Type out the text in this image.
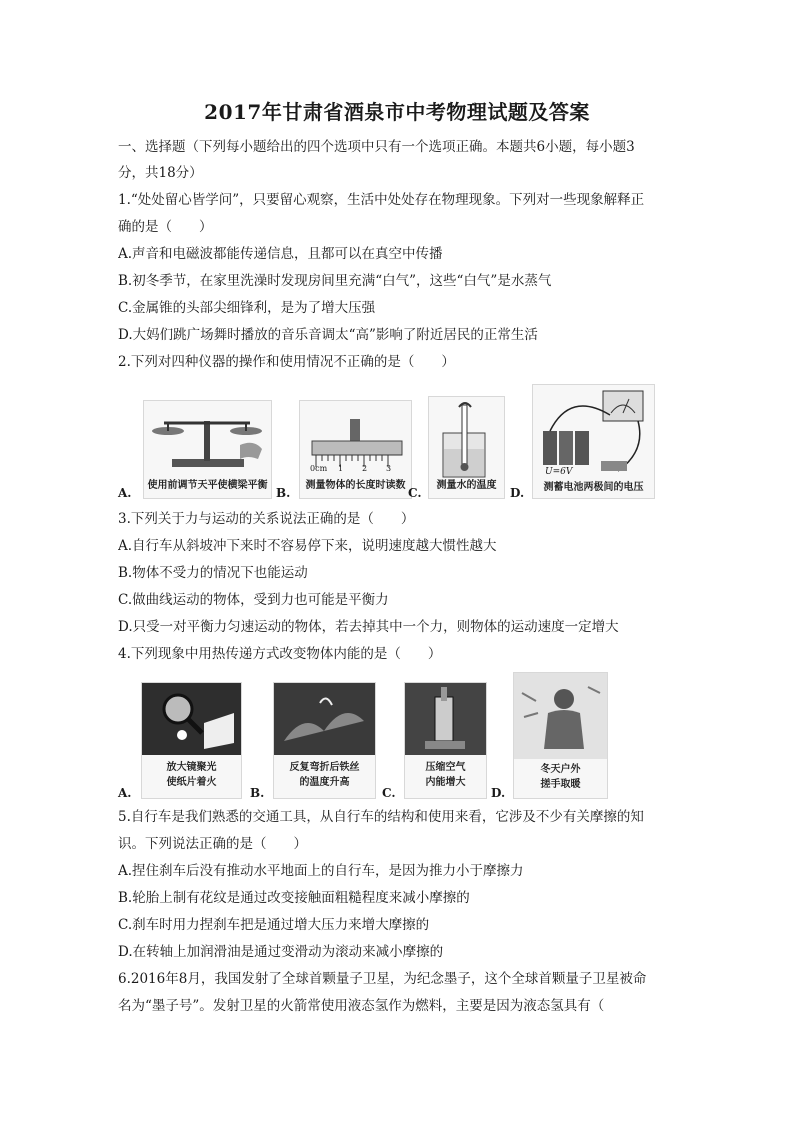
2017年甘肃省酒泉市中考物理试题及答案
一、选择题（下列每小题给出的四个选项中只有一个选项正确。本题共6小题，每小题3
分，共18分）
1.“处处留心皆学问”，只要留心观察，生活中处处存在物理现象。下列对一些现象解释正
确的是（　　）
A.声音和电磁波都能传递信息，且都可以在真空中传播
B.初冬季节，在家里洗澡时发现房间里充满“白气”，这些“白气”是水蒸气
C.金属锥的头部尖细锋利，是为了增大压强
D.大妈们跳广场舞时播放的音乐音调太“高”影响了附近居民的正常生活
2.下列对四种仪器的操作和使用情况不正确的是（　　）
A.
使用前调节天平使横梁平衡
B.
0cm 1 2 3
测量物体的长度时读数
C.
测量水的温度
D.
U=6V
测蓄电池两极间的电压
3.下列关于力与运动的关系说法正确的是（　　）
A.自行车从斜坡冲下来时不容易停下来，说明速度越大惯性越大
B.物体不受力的情况下也能运动
C.做曲线运动的物体，受到力也可能是平衡力
D.只受一对平衡力匀速运动的物体，若去掉其中一个力，则物体的运动速度一定增大
4.下列现象中用热传递方式改变物体内能的是（　　）
A.
放大镜聚光
使纸片着火
B.
反复弯折后铁丝
的温度升高
C.
压缩空气
内能增大
D.
冬天户外
搓手取暖
5.自行车是我们熟悉的交通工具，从自行车的结构和使用来看，它涉及不少有关摩擦的知
识。下列说法正确的是（　　）
A.捏住刹车后没有推动水平地面上的自行车，是因为推力小于摩擦力
B.轮胎上制有花纹是通过改变接触面粗糙程度来减小摩擦的
C.刹车时用力捏刹车把是通过增大压力来增大摩擦的
D.在转轴上加润滑油是通过变滑动为滚动来减小摩擦的
6.2016年8月，我国发射了全球首颗量子卫星，为纪念墨子，这个全球首颗量子卫星被命
名为“墨子号”。发射卫星的火箭常使用液态氢作为燃料，主要是因为液态氢具有（
